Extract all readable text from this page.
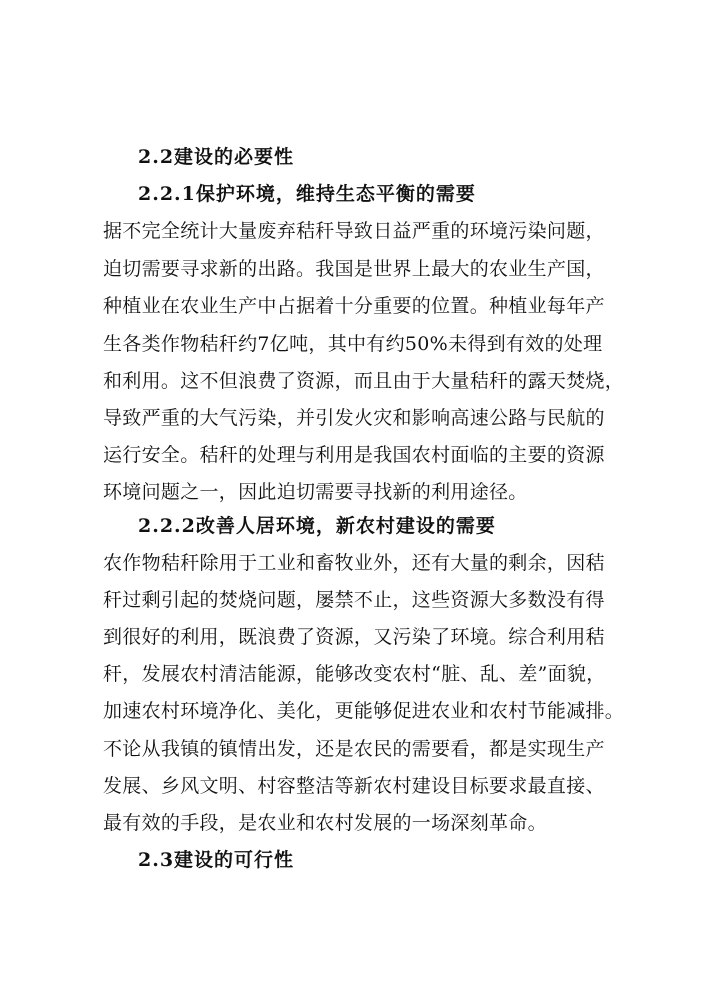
2.2建设的必要性
2.2.1保护环境，维持生态平衡的需要
据不完全统计大量废弃秸秆导致日益严重的环境污染问题，
迫切需要寻求新的出路。我国是世界上最大的农业生产国，
种植业在农业生产中占据着十分重要的位置。种植业每年产
生各类作物秸秆约7亿吨，其中有约50%未得到有效的处理
和利用。这不但浪费了资源，而且由于大量秸秆的露天焚烧，
导致严重的大气污染，并引发火灾和影响高速公路与民航的
运行安全。秸秆的处理与利用是我国农村面临的主要的资源
环境问题之一，因此迫切需要寻找新的利用途径。
2.2.2改善人居环境，新农村建设的需要
农作物秸秆除用于工业和畜牧业外，还有大量的剩余，因秸
秆过剩引起的焚烧问题，屡禁不止，这些资源大多数没有得
到很好的利用，既浪费了资源，又污染了环境。综合利用秸
秆，发展农村清洁能源，能够改变农村“脏、乱、差”面貌，
加速农村环境净化、美化，更能够促进农业和农村节能减排。
不论从我镇的镇情出发，还是农民的需要看，都是实现生产
发展、乡风文明、村容整洁等新农村建设目标要求最直接、
最有效的手段，是农业和农村发展的一场深刻革命。
2.3建设的可行性
